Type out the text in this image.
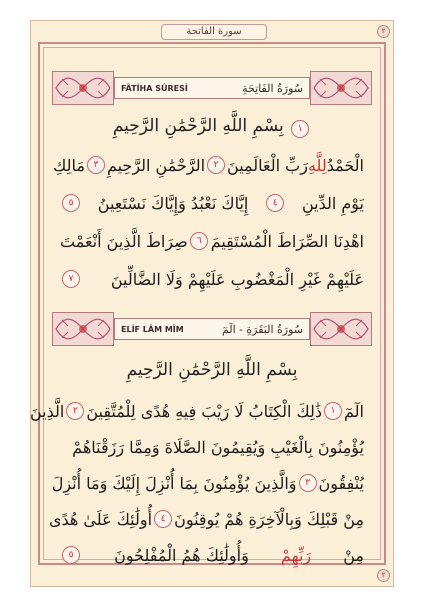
سورة الفاتحة	٢
FÂTİHA SÛRESİ	سُورَةُ الفَاتِحَةِ
بِسْمِ اللَّهِ الرَّحْمَٰنِ الرَّحِيمِ ١
الْحَمْدُ
لِلَّهِ
رَبِّ الْعَالَمِينَ
٢
الرَّحْمَٰنِ الرَّحِيمِ
٣
مَالِكِ
يَوْمِ الدِّينِ
٤
إِيَّاكَ نَعْبُدُ وَإِيَّاكَ نَسْتَعِينُ
٥
اهْدِنَا الصِّرَاطَ الْمُسْتَقِيمَ
٦
صِرَاطَ الَّذِينَ أَنْعَمْتَ
عَلَيْهِمْ غَيْرِ الْمَغْضُوبِ عَلَيْهِمْ وَلَا الضَّالِّينَ
٧
ELİF LÂM MÎM	سُورَةُ البَقَرَةِ - الٓمٓ
بِسْمِ اللَّهِ الرَّحْمَٰنِ الرَّحِيمِ
الٓمٓ
١
ذَٰلِكَ الْكِتَابُ لَا رَيْبَ فِيهِ هُدًى لِلْمُتَّقِينَ
٢
الَّذِينَ
يُؤْمِنُونَ بِالْغَيْبِ وَيُقِيمُونَ الصَّلَاةَ وَمِمَّا رَزَقْنَاهُمْ
يُنْفِقُونَ
٣
وَالَّذِينَ يُؤْمِنُونَ بِمَا أُنْزِلَ إِلَيْكَ وَمَا أُنْزِلَ
مِنْ قَبْلِكَ وَبِالْآخِرَةِ هُمْ يُوقِنُونَ
٤
أُولَٰئِكَ عَلَىٰ هُدًى
مِنْ
رَبِّهِمْ
وَأُولَٰئِكَ هُمُ الْمُفْلِحُونَ
٥
٢
